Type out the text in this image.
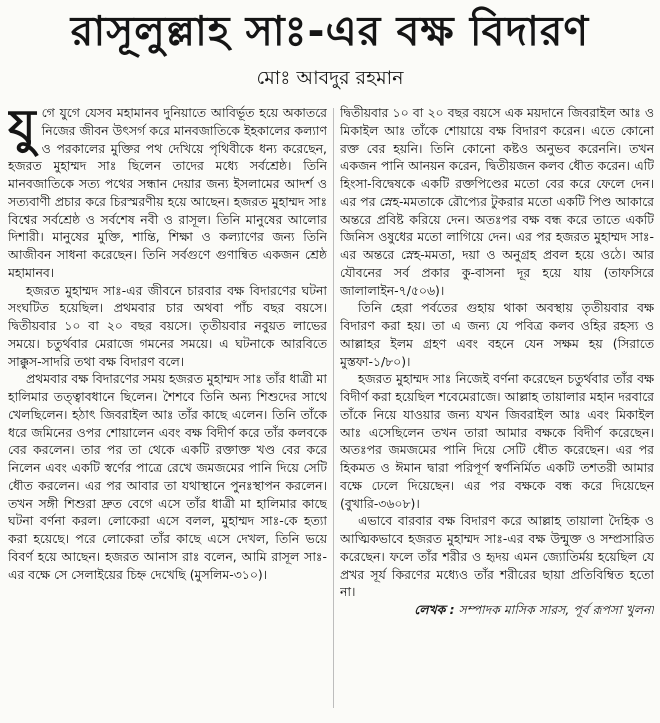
রাসূলুল্লাহ সাঃ-এর বক্ষ বিদারণ
মোঃ আবদুর রহমান

যুগে যুগে যেসব মহামানব দুনিয়াতে আবির্ভূত হয়ে অকাতরে নিজের জীবন উৎসর্গ করে মানবজাতিকে ইহকালের কল্যাণ ও পরকালের মুক্তির পথ দেখিয়ে পৃথিবীকে ধন্য করেছেন, হজরত মুহাম্মদ সাঃ ছিলেন তাদের মধ্যে সর্বশ্রেষ্ঠ। তিনি মানবজাতিকে সত্য পথের সন্ধান দেয়ার জন্য ইসলামের আদর্শ ও সত্যবাণী প্রচার করে চিরস্মরণীয় হয়ে আছেন। হজরত মুহাম্মদ সাঃ বিশ্বের সর্বশ্রেষ্ঠ ও সর্বশেষ নবী ও রাসূল। তিনি মানুষের আলোর দিশারী। মানুষের মুক্তি, শান্তি, শিক্ষা ও কল্যাণের জন্য তিনি আজীবন সাধনা করেছেন। তিনি সর্বগুণে গুণান্বিত একজন শ্রেষ্ঠ মহামানব।

হজরত মুহাম্মদ সাঃ-এর জীবনে চারবার বক্ষ বিদারণের ঘটনা সংঘটিত হয়েছিল। প্রথমবার চার অথবা পাঁচ বছর বয়সে। দ্বিতীয়বার ১০ বা ২০ বছর বয়সে। তৃতীয়বার নবুয়ত লাভের সময়ে। চতুর্থবার মেরাজে গমনের সময়ে। এ ঘটনাকে আরবিতে সাক্কুস-সাদরি তথা বক্ষ বিদারণ বলে।

প্রথমবার বক্ষ বিদারণের সময় হজরত মুহাম্মদ সাঃ তাঁর ধাত্রী মা হালিমার তত্ত্বাবধানে ছিলেন। শৈশবে তিনি অন্য শিশুদের সাথে খেলছিলেন। হঠাৎ জিবরাইল আঃ তাঁর কাছে এলেন। তিনি তাঁকে ধরে জমিনের ওপর শোয়ালেন এবং বক্ষ বিদীর্ণ করে তাঁর কলবকে বের করলেন। তার পর তা থেকে একটি রক্তাক্ত খণ্ড বের করে নিলেন এবং একটি স্বর্ণের পাত্রে রেখে জমজমের পানি দিয়ে সেটি ধৌত করলেন। এর পর আবার তা যথাস্থানে পুনঃস্থাপন করলেন। তখন সঙ্গী শিশুরা দ্রুত বেগে এসে তাঁর ধাত্রী মা হালিমার কাছে ঘটনা বর্ণনা করল। লোকেরা এসে বলল, মুহাম্মদ সাঃ-কে হত্যা করা হয়েছে। পরে লোকেরা তাঁর কাছে এসে দেখল, তিনি ভয়ে বিবর্ণ হয়ে আছেন। হজরত আনাস রাঃ বলেন, আমি রাসূল সাঃ-এর বক্ষে সে সেলাইয়ের চিহ্ন দেখেছি (মুসলিম-৩১০)।

দ্বিতীয়বার ১০ বা ২০ বছর বয়সে এক ময়দানে জিবরাইল আঃ ও মিকাইল আঃ তাঁকে শোয়ায়ে বক্ষ বিদারণ করেন। এতে কোনো রক্ত বের হয়নি। তিনি কোনো কষ্টও অনুভব করেননি। তখন একজন পানি আনয়ন করেন, দ্বিতীয়জন কলব ধৌত করেন। এটি হিংসা-বিদ্বেষকে একটি রক্তপিণ্ডের মতো বের করে ফেলে দেন। এর পর স্নেহ-মমতাকে রৌপ্যের টুকরার মতো একটি পিণ্ড আকারে অন্তরে প্রবিষ্ট করিয়ে দেন। অতঃপর বক্ষ বন্ধ করে তাতে একটি জিনিস ওষুধের মতো লাগিয়ে দেন। এর পর হজরত মুহাম্মদ সাঃ-এর অন্তরে স্নেহ-মমতা, দয়া ও অনুগ্রহ প্রবল হয়ে ওঠে। আর যৌবনের সর্ব প্রকার কু-বাসনা দূর হয়ে যায় (তাফসিরে জালালাইন-৭/৫০৬)।

তিনি হেরা পর্বতের গুহায় থাকা অবস্থায় তৃতীয়বার বক্ষ বিদারণ করা হয়। তা এ জন্য যে পবিত্র কলব ওহির রহস্য ও আল্লাহর ইলম গ্রহণ এবং বহনে যেন সক্ষম হয় (সিরাতে মুস্তফা-১/৮০)।

হজরত মুহাম্মদ সাঃ নিজেই বর্ণনা করেছেন চতুর্থবার তাঁর বক্ষ বিদীর্ণ করা হয়েছিল শবেমেরাজে। আল্লাহ তায়ালার মহান দরবারে তাঁকে নিয়ে যাওয়ার জন্য যখন জিবরাইল আঃ এবং মিকাইল আঃ এসেছিলেন তখন তারা আমার বক্ষকে বিদীর্ণ করেছেন। অতঃপর জমজমের পানি দিয়ে সেটি ধৌত করেছেন। এর পর হিকমত ও ঈমান দ্বারা পরিপূর্ণ স্বর্ণনির্মিত একটি তশতরী আমার বক্ষে ঢেলে দিয়েছেন। এর পর বক্ষকে বন্ধ করে দিয়েছেন (বুখারি-৩৬০৮)।

এভাবে বারবার বক্ষ বিদারণ করে আল্লাহ তায়ালা দৈহিক ও আত্মিকভাবে হজরত মুহাম্মদ সাঃ-এর বক্ষ উন্মুক্ত ও সম্প্রসারিত করেছেন। ফলে তাঁর শরীর ও হৃদয় এমন জ্যোতির্ময় হয়েছিল যে প্রখর সূর্য কিরণের মধ্যেও তাঁর শরীরের ছায়া প্রতিবিম্বিত হতো না।

লেখক : সম্পাদক মাসিক সারস, পূর্ব রূপসা খুলনা
